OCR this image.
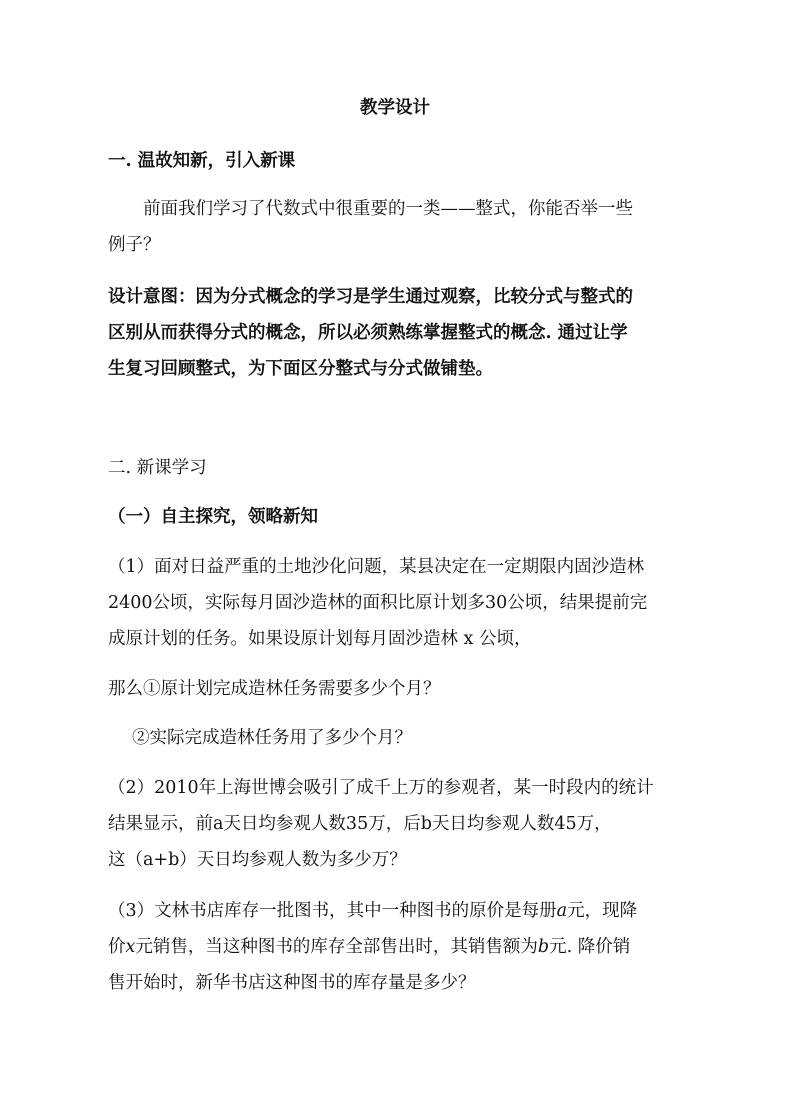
教学设计

一. 温故知新，引入新课

前面我们学习了代数式中很重要的一类——整式，你能否举一些

例子？

设计意图：因为分式概念的学习是学生通过观察，比较分式与整式的

区别从而获得分式的概念，所以必须熟练掌握整式的概念. 通过让学

生复习回顾整式，为下面区分整式与分式做铺垫。

二. 新课学习

（一）自主探究，领略新知

（1）面对日益严重的土地沙化问题，某县决定在一定期限内固沙造林

2400公顷，实际每月固沙造林的面积比原计划多30公顷，结果提前完

成原计划的任务。如果设原计划每月固沙造林 x 公顷，

那么①原计划完成造林任务需要多少个月？

②实际完成造林任务用了多少个月？

（2）2010年上海世博会吸引了成千上万的参观者，某一时段内的统计

结果显示，前a天日均参观人数35万，后b天日均参观人数45万，

这（a+b）天日均参观人数为多少万？

（3）文林书店库存一批图书，其中一种图书的原价是每册a元，现降

价x元销售，当这种图书的库存全部售出时，其销售额为b元. 降价销

售开始时，新华书店这种图书的库存量是多少？
